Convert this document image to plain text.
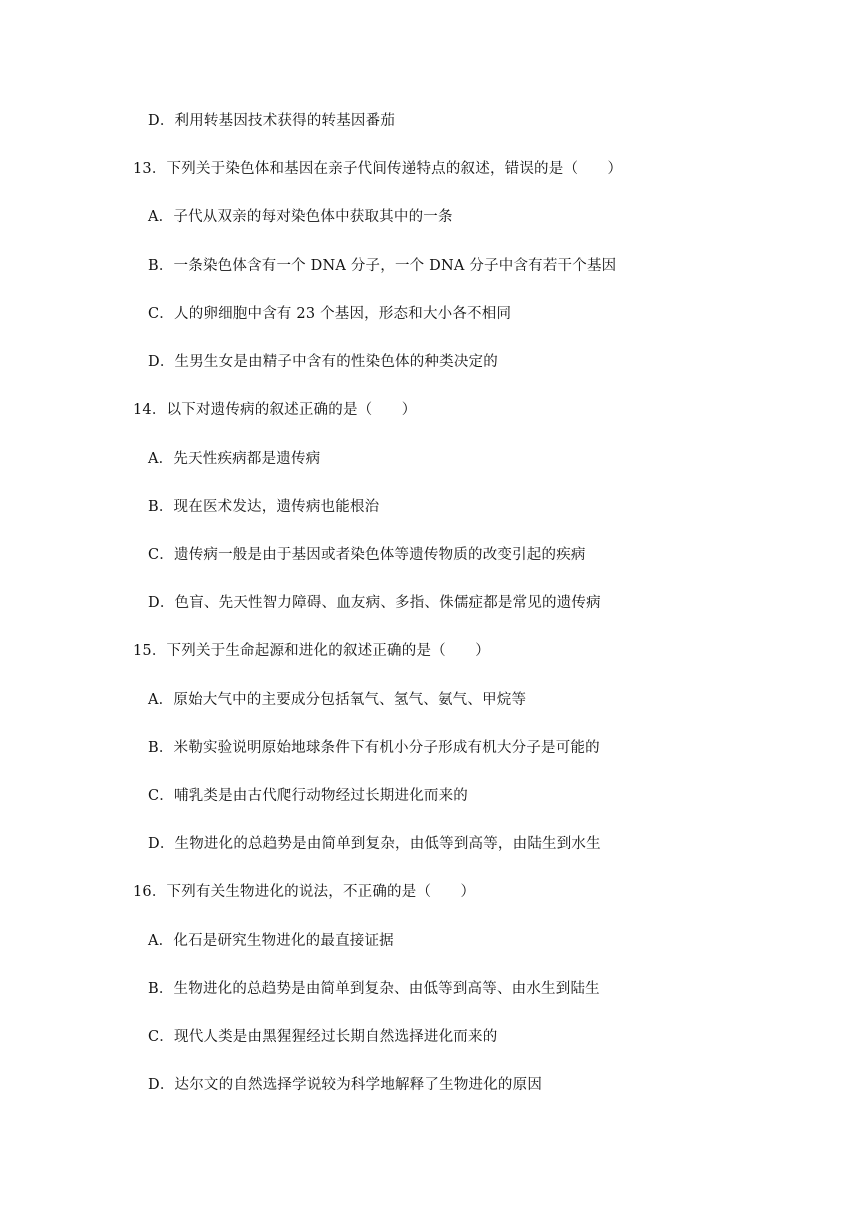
D．利用转基因技术获得的转基因番茄
13．下列关于染色体和基因在亲子代间传递特点的叙述，错误的是（　　）
A．子代从双亲的每对染色体中获取其中的一条
B．一条染色体含有一个 DNA 分子，一个 DNA 分子中含有若干个基因
C．人的卵细胞中含有 23 个基因，形态和大小各不相同
D．生男生女是由精子中含有的性染色体的种类决定的
14．以下对遗传病的叙述正确的是（　　）
A．先天性疾病都是遗传病
B．现在医术发达，遗传病也能根治
C．遗传病一般是由于基因或者染色体等遗传物质的改变引起的疾病
D．色盲、先天性智力障碍、血友病、多指、侏儒症都是常见的遗传病
15．下列关于生命起源和进化的叙述正确的是（　　）
A．原始大气中的主要成分包括氧气、氢气、氨气、甲烷等
B．米勒实验说明原始地球条件下有机小分子形成有机大分子是可能的
C．哺乳类是由古代爬行动物经过长期进化而来的
D．生物进化的总趋势是由简单到复杂，由低等到高等，由陆生到水生
16．下列有关生物进化的说法，不正确的是（　　）
A．化石是研究生物进化的最直接证据
B．生物进化的总趋势是由简单到复杂、由低等到高等、由水生到陆生
C．现代人类是由黑猩猩经过长期自然选择进化而来的
D．达尔文的自然选择学说较为科学地解释了生物进化的原因
